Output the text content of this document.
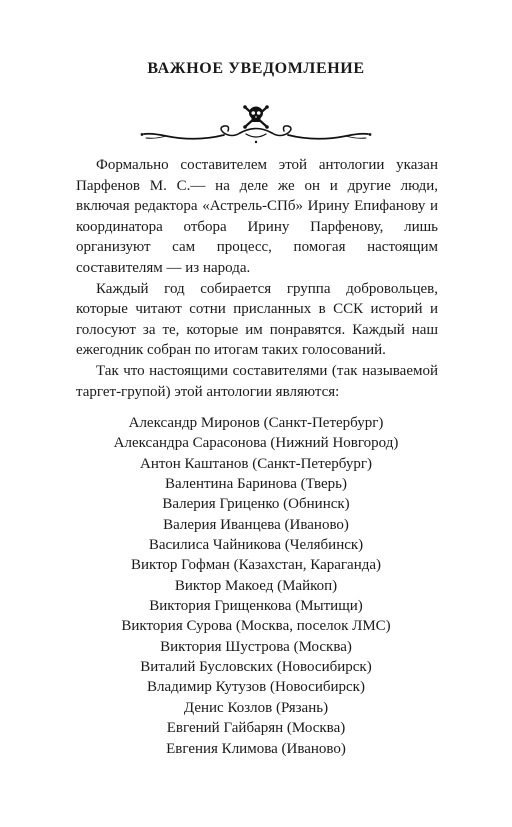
ВАЖНОЕ УВЕДОМЛЕНИЕ

Формально составителем этой антологии указан Парфенов М. С.— на деле же он и другие люди, включая редактора «Астрель-СПб» Ирину Епифанову и координатора отбора Ирину Парфенову, лишь организуют сам процесс, помогая настоящим составителям — из народа.

Каждый год собирается группа добровольцев, которые читают сотни присланных в ССК историй и голосуют за те, которые им понравятся. Каждый наш ежегодник собран по итогам таких голосований.

Так что настоящими составителями (так называемой таргет-групой) этой антологии являются:

Александр Миронов (Санкт-Петербург)
Александра Сарасонова (Нижний Новгород)
Антон Каштанов (Санкт-Петербург)
Валентина Баринова (Тверь)
Валерия Гриценко (Обнинск)
Валерия Иванцева (Иваново)
Василиса Чайникова (Челябинск)
Виктор Гофман (Казахстан, Караганда)
Виктор Макоед (Майкоп)
Виктория Грищенкова (Мытищи)
Виктория Сурова (Москва, поселок ЛМС)
Виктория Шустрова (Москва)
Виталий Бусловских (Новосибирск)
Владимир Кутузов (Новосибирск)
Денис Козлов (Рязань)
Евгений Гайбарян (Москва)
Евгения Климова (Иваново)
